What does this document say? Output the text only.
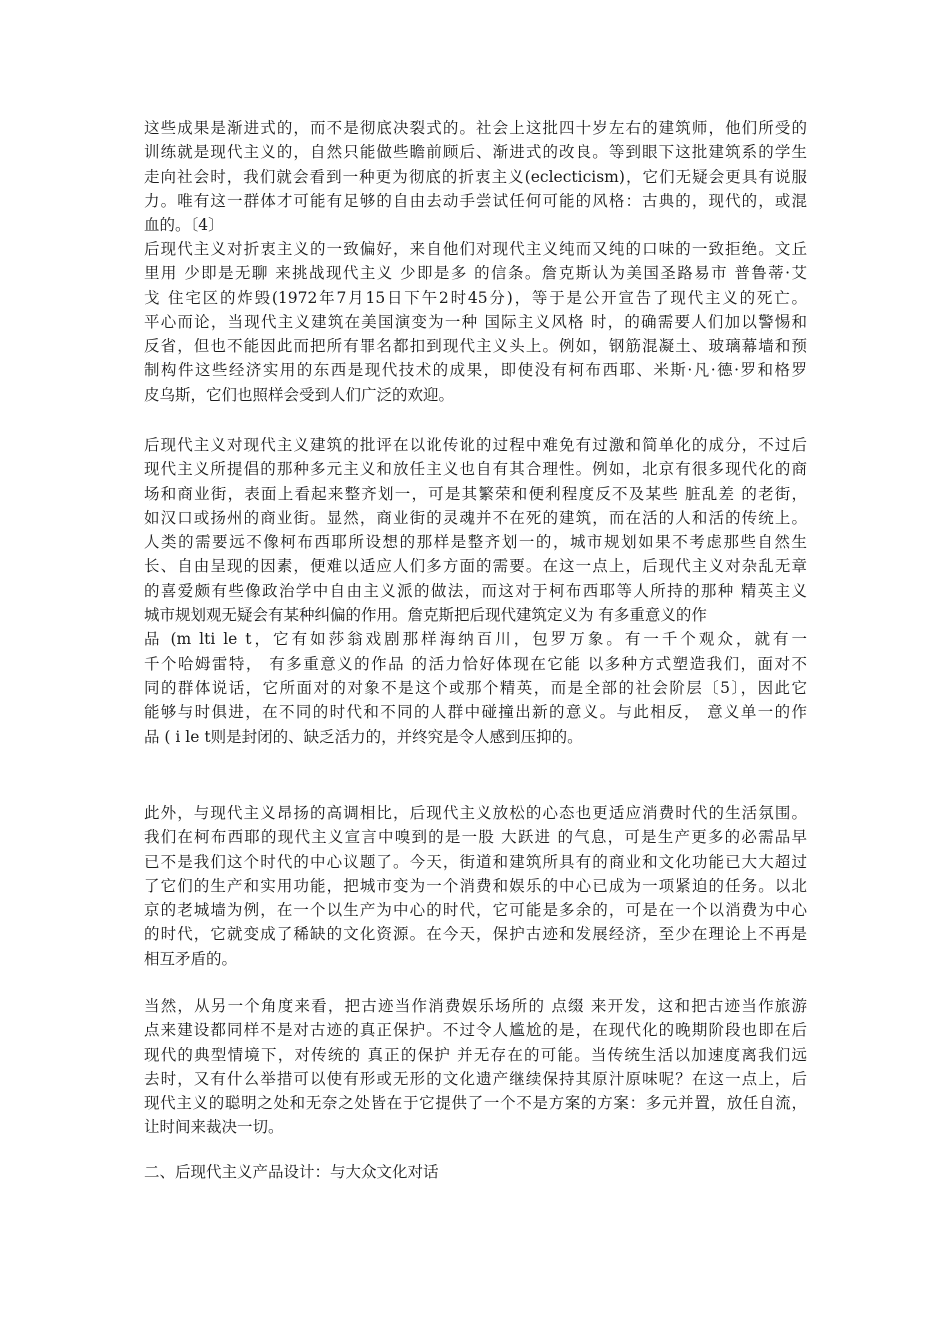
这些成果是渐进式的，而不是彻底决裂式的。社会上这批四十岁左右的建筑师，他们所受的
训练就是现代主义的，自然只能做些瞻前顾后、渐进式的改良。等到眼下这批建筑系的学生
走向社会时，我们就会看到一种更为彻底的折衷主义(eclecticism)，它们无疑会更具有说服
力。唯有这一群体才可能有足够的自由去动手尝试任何可能的风格：古典的，现代的，或混
血的。〔4〕
后现代主义对折衷主义的一致偏好，来自他们对现代主义纯而又纯的口味的一致拒绝。文丘
里用 少即是无聊 来挑战现代主义 少即是多 的信条。詹克斯认为美国圣路易市 普鲁蒂·艾
戈 住宅区的炸毁(1972年7月15日下午2时45分)，等于是公开宣告了现代主义的死亡。
平心而论，当现代主义建筑在美国演变为一种 国际主义风格 时，的确需要人们加以警惕和
反省，但也不能因此而把所有罪名都扣到现代主义头上。例如，钢筋混凝土、玻璃幕墙和预
制构件这些经济实用的东西是现代技术的成果，即使没有柯布西耶、米斯·凡·德·罗和格罗
皮乌斯，它们也照样会受到人们广泛的欢迎。
后现代主义对现代主义建筑的批评在以讹传讹的过程中难免有过激和简单化的成分，不过后
现代主义所提倡的那种多元主义和放任主义也自有其合理性。例如，北京有很多现代化的商
场和商业街，表面上看起来整齐划一，可是其繁荣和便利程度反不及某些 脏乱差 的老街，
如汉口或扬州的商业街。显然，商业街的灵魂并不在死的建筑，而在活的人和活的传统上。
人类的需要远不像柯布西耶所设想的那样是整齐划一的，城市规划如果不考虑那些自然生
长、自由呈现的因素，便难以适应人们多方面的需要。在这一点上，后现代主义对杂乱无章
的喜爱颇有些像政治学中自由主义派的做法，而这对于柯布西耶等人所持的那种 精英主义
城市规划观无疑会有某种纠偏的作用。詹克斯把后现代建筑定义为 有多重意义的作
品 (m lti le t，它有如莎翁戏剧那样海纳百川，包罗万象。有一千个观众，就有一
千个哈姆雷特， 有多重意义的作品 的活力恰好体现在它能 以多种方式塑造我们，面对不
同的群体说话，它所面对的对象不是这个或那个精英，而是全部的社会阶层〔5〕，因此它
能够与时俱进，在不同的时代和不同的人群中碰撞出新的意义。与此相反， 意义单一的作
品 ( i le t则是封闭的、缺乏活力的，并终究是令人感到压抑的。
此外，与现代主义昂扬的高调相比，后现代主义放松的心态也更适应消费时代的生活氛围。
我们在柯布西耶的现代主义宣言中嗅到的是一股 大跃进 的气息，可是生产更多的必需品早
已不是我们这个时代的中心议题了。今天，街道和建筑所具有的商业和文化功能已大大超过
了它们的生产和实用功能，把城市变为一个消费和娱乐的中心已成为一项紧迫的任务。以北
京的老城墙为例，在一个以生产为中心的时代，它可能是多余的，可是在一个以消费为中心
的时代，它就变成了稀缺的文化资源。在今天，保护古迹和发展经济，至少在理论上不再是
相互矛盾的。
当然，从另一个角度来看，把古迹当作消费娱乐场所的 点缀 来开发，这和把古迹当作旅游
点来建设都同样不是对古迹的真正保护。不过令人尴尬的是，在现代化的晚期阶段也即在后
现代的典型情境下，对传统的 真正的保护 并无存在的可能。当传统生活以加速度离我们远
去时，又有什么举措可以使有形或无形的文化遗产继续保持其原汁原味呢？在这一点上，后
现代主义的聪明之处和无奈之处皆在于它提供了一个不是方案的方案：多元并置，放任自流，
让时间来裁决一切。
二、后现代主义产品设计：与大众文化对话
